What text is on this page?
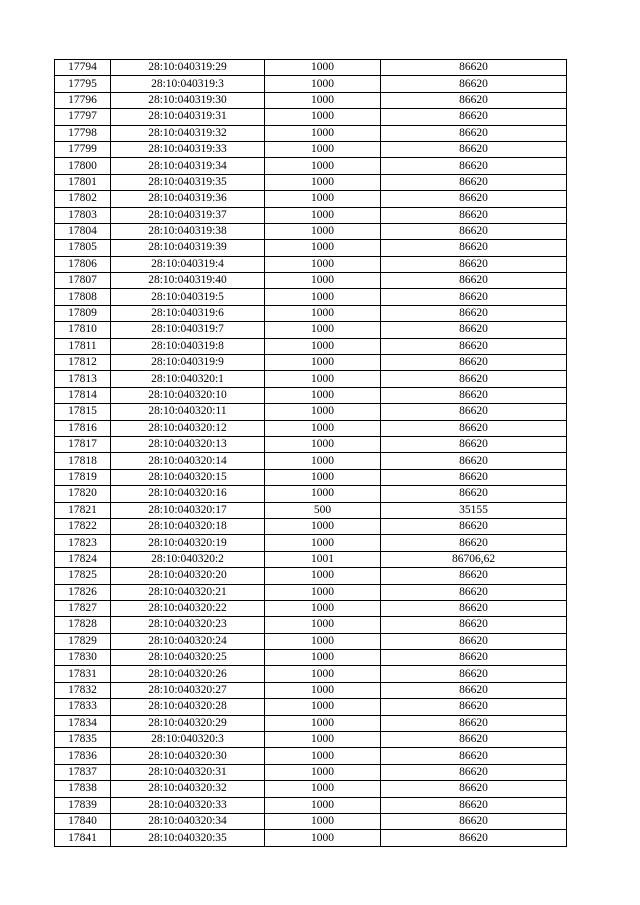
17794	28:10:040319:29	1000	86620
17795	28:10:040319:3	1000	86620
17796	28:10:040319:30	1000	86620
17797	28:10:040319:31	1000	86620
17798	28:10:040319:32	1000	86620
17799	28:10:040319:33	1000	86620
17800	28:10:040319:34	1000	86620
17801	28:10:040319:35	1000	86620
17802	28:10:040319:36	1000	86620
17803	28:10:040319:37	1000	86620
17804	28:10:040319:38	1000	86620
17805	28:10:040319:39	1000	86620
17806	28:10:040319:4	1000	86620
17807	28:10:040319:40	1000	86620
17808	28:10:040319:5	1000	86620
17809	28:10:040319:6	1000	86620
17810	28:10:040319:7	1000	86620
17811	28:10:040319:8	1000	86620
17812	28:10:040319:9	1000	86620
17813	28:10:040320:1	1000	86620
17814	28:10:040320:10	1000	86620
17815	28:10:040320:11	1000	86620
17816	28:10:040320:12	1000	86620
17817	28:10:040320:13	1000	86620
17818	28:10:040320:14	1000	86620
17819	28:10:040320:15	1000	86620
17820	28:10:040320:16	1000	86620
17821	28:10:040320:17	500	35155
17822	28:10:040320:18	1000	86620
17823	28:10:040320:19	1000	86620
17824	28:10:040320:2	1001	86706,62
17825	28:10:040320:20	1000	86620
17826	28:10:040320:21	1000	86620
17827	28:10:040320:22	1000	86620
17828	28:10:040320:23	1000	86620
17829	28:10:040320:24	1000	86620
17830	28:10:040320:25	1000	86620
17831	28:10:040320:26	1000	86620
17832	28:10:040320:27	1000	86620
17833	28:10:040320:28	1000	86620
17834	28:10:040320:29	1000	86620
17835	28:10:040320:3	1000	86620
17836	28:10:040320:30	1000	86620
17837	28:10:040320:31	1000	86620
17838	28:10:040320:32	1000	86620
17839	28:10:040320:33	1000	86620
17840	28:10:040320:34	1000	86620
17841	28:10:040320:35	1000	86620
